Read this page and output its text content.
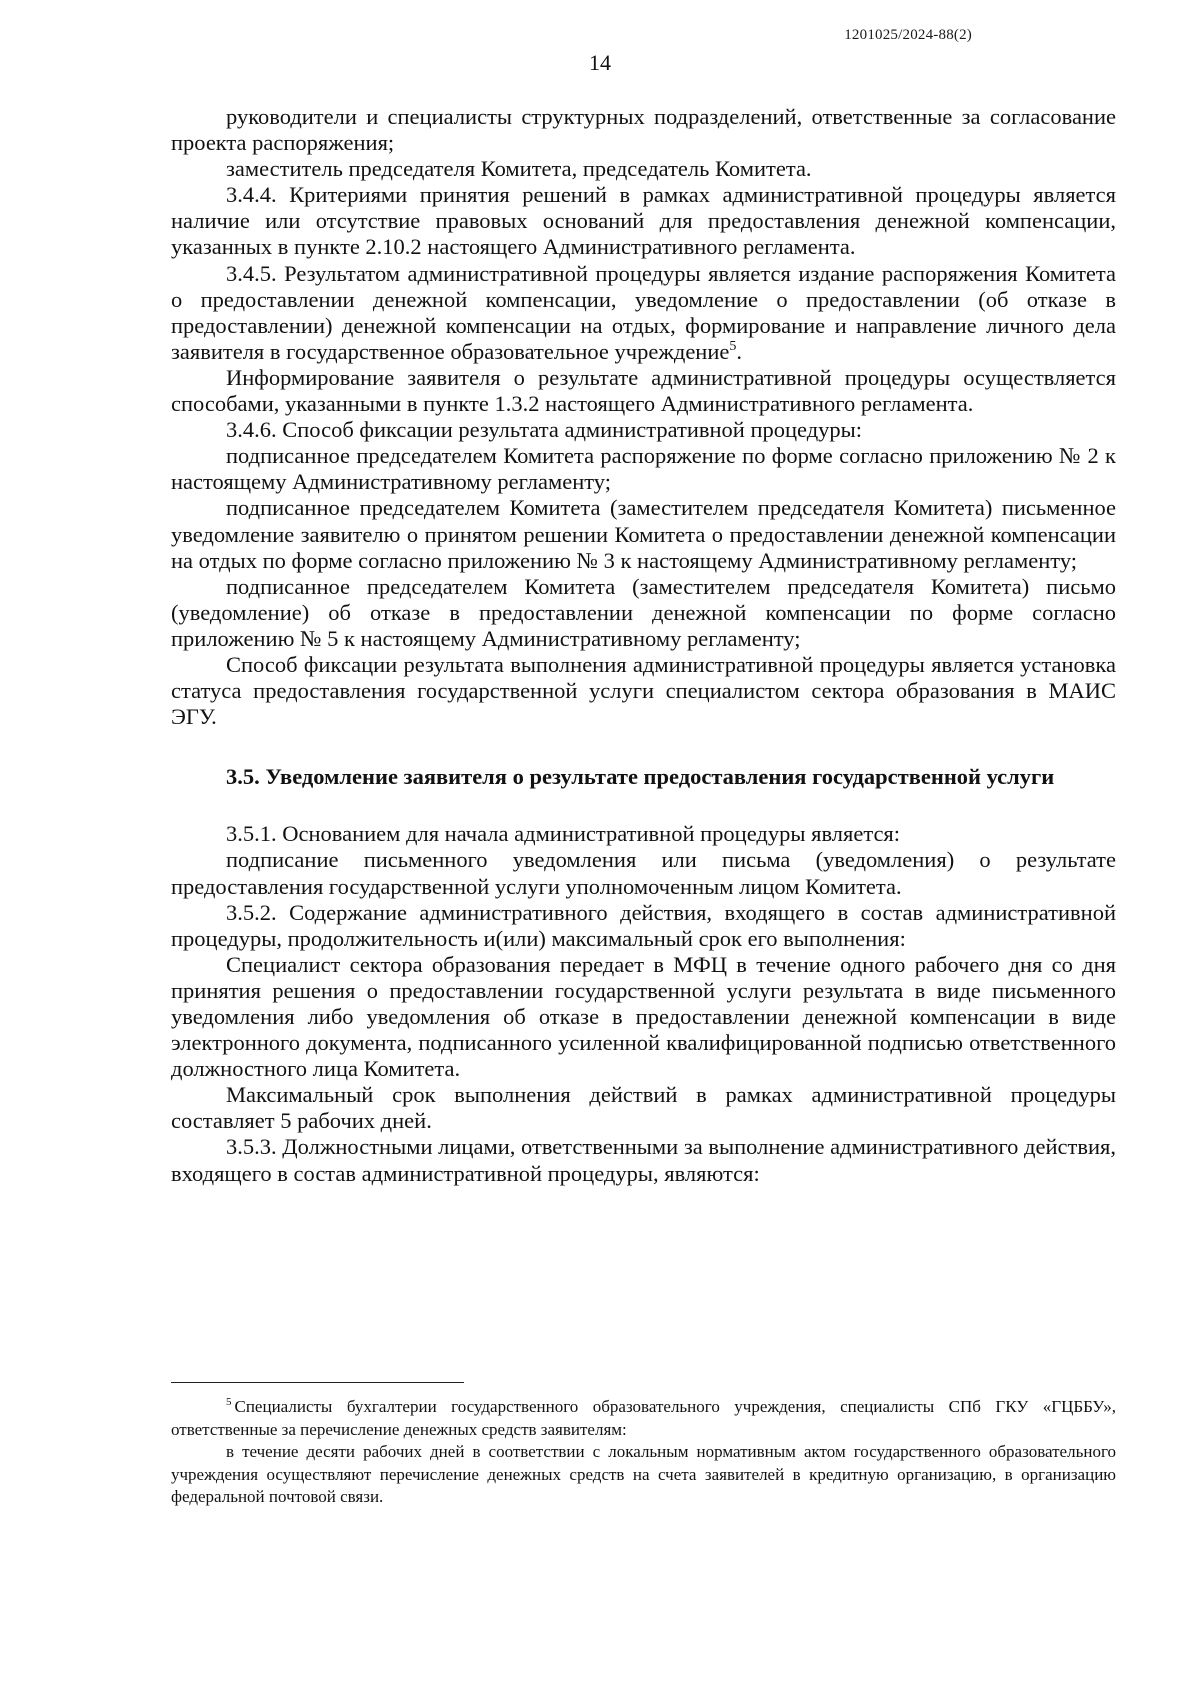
1201025/2024-88(2)
14

руководители и специалисты структурных подразделений, ответственные за согласование проекта распоряжения;

заместитель председателя Комитета, председатель Комитета.

3.4.4. Критериями принятия решений в рамках административной процедуры является наличие или отсутствие правовых оснований для предоставления денежной компенсации, указанных в пункте 2.10.2 настоящего Административного регламента.

3.4.5. Результатом административной процедуры является издание распоряжения Комитета о предоставлении денежной компенсации, уведомление о предоставлении (об отказе в предоставлении) денежной компенсации на отдых, формирование и направление личного дела заявителя в государственное образовательное учреждение$^5$.

Информирование заявителя о результате административной процедуры осуществляется способами, указанными в пункте 1.3.2 настоящего Административного регламента.

3.4.6. Способ фиксации результата административной процедуры:

подписанное председателем Комитета распоряжение по форме согласно приложению № 2 к настоящему Административному регламенту;

подписанное председателем Комитета (заместителем председателя Комитета) письменное уведомление заявителю о принятом решении Комитета о предоставлении денежной компенсации на отдых по форме согласно приложению № 3 к настоящему Административному регламенту;

подписанное председателем Комитета (заместителем председателя Комитета) письмо (уведомление) об отказе в предоставлении денежной компенсации по форме согласно приложению № 5 к настоящему Административному регламенту;

Способ фиксации результата выполнения административной процедуры является установка статуса предоставления государственной услуги специалистом сектора образования в МАИС ЭГУ.

3.5. Уведомление заявителя о результате предоставления государственной услуги

3.5.1. Основанием для начала административной процедуры является:

подписание письменного уведомления или письма (уведомления) о результате предоставления государственной услуги уполномоченным лицом Комитета.

3.5.2. Содержание административного действия, входящего в состав административной процедуры, продолжительность и(или) максимальный срок его выполнения:

Специалист сектора образования передает в МФЦ в течение одного рабочего дня со дня принятия решения о предоставлении государственной услуги результата в виде письменного уведомления либо уведомления об отказе в предоставлении денежной компенсации в виде электронного документа, подписанного усиленной квалифицированной подписью ответственного должностного лица Комитета.

Максимальный срок выполнения действий в рамках административной процедуры составляет 5 рабочих дней.

3.5.3. Должностными лицами, ответственными за выполнение административного действия, входящего в состав административной процедуры, являются:

$^5$ Специалисты бухгалтерии государственного образовательного учреждения, специалисты СПб ГКУ «ГЦББУ», ответственные за перечисление денежных средств заявителям:

в течение десяти рабочих дней в соответствии с локальным нормативным актом государственного образовательного учреждения осуществляют перечисление денежных средств на счета заявителей в кредитную организацию, в организацию федеральной почтовой связи.
